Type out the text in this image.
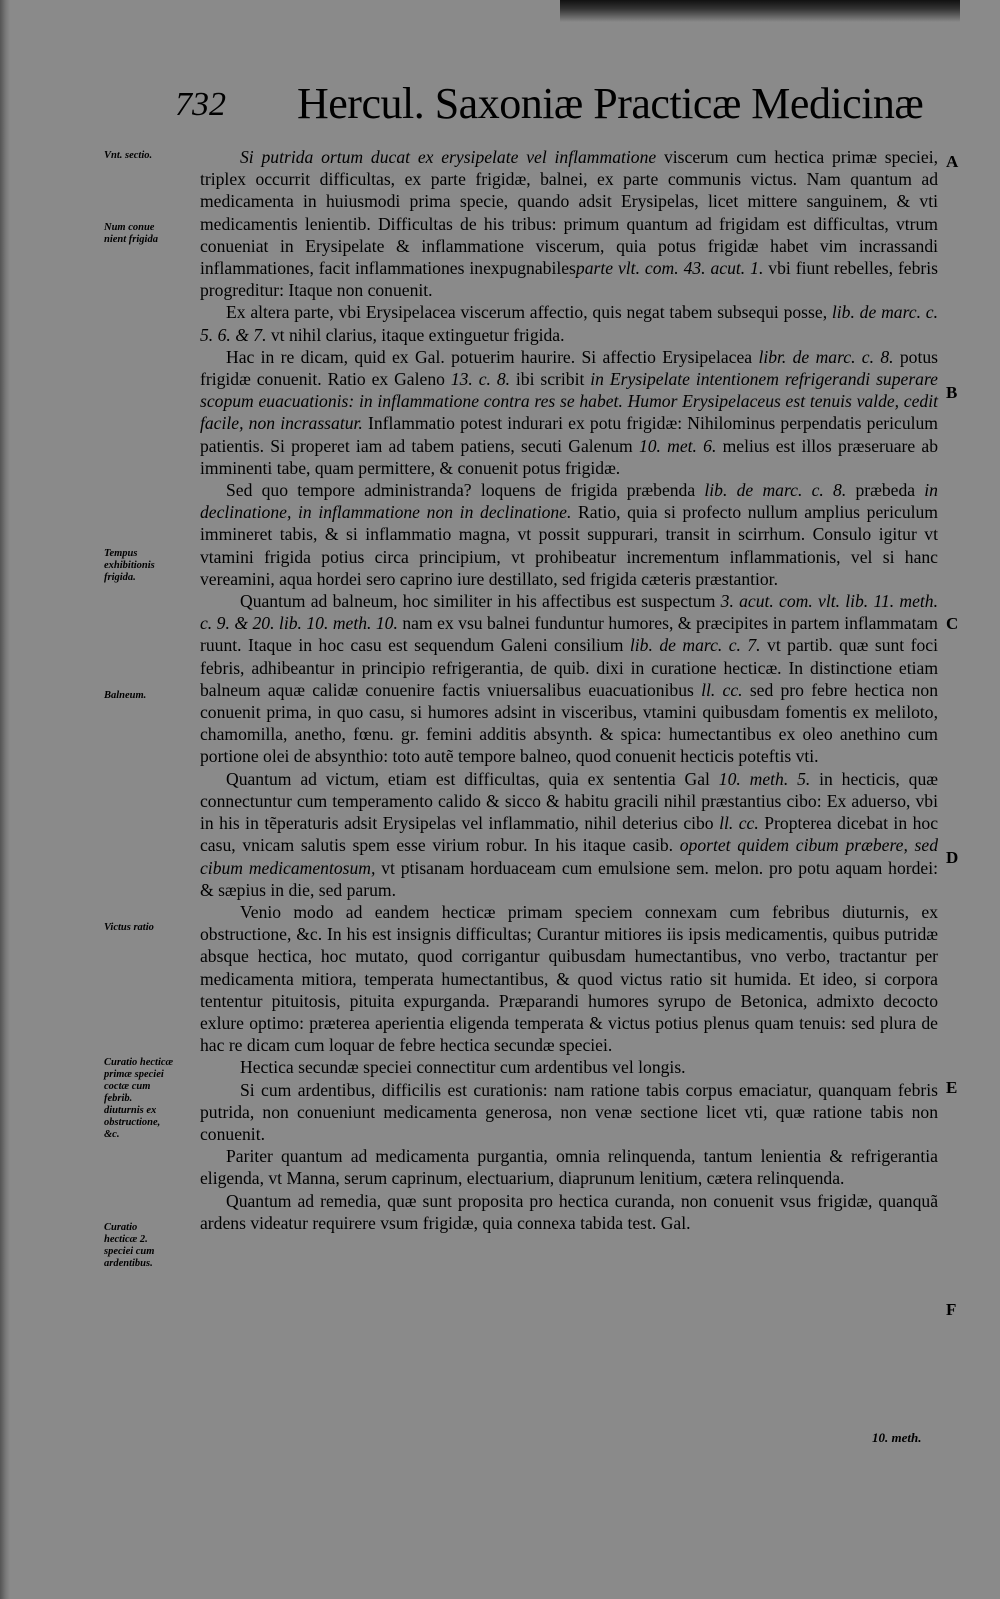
732 Hercul. Saxoniæ Practicæ Medicinæ
Vnt. sectio.
Num conue nient frigida
Tempus exhibitionis frigida.
Balneum.
Victus ratio
Curatio hecticæ primæ speciei coctæ cum febrib. diuturnis ex obstructione, &c.
Curatio hecticæ 2. speciei cum ardentibus.
A
B
C
D
E
F

Si putrida ortum ducat ex erysipelate vel inflammatione viscerum cum hectica primæ speciei, triplex occurrit difficultas, ex parte frigidæ, balnei, ex parte communis victus. Nam quantum ad medicamenta in huiusmodi prima specie, quando adsit Erysipelas, licet mittere sanguinem, & vti medicamentis lenientib. Difficultas de his tribus: primum quantum ad frigidam est difficultas, vtrum conueniat in Erysipelate & inflammatione viscerum, quia potus frigidæ habet vim incrassandi inflammationes, facit inflammationes inexpugnabilesparte vlt. com. 43. acut. 1. vbi fiunt rebelles, febris progreditur: Itaque non conuenit.

Ex altera parte, vbi Erysipelacea viscerum affectio, quis negat tabem subsequi posse, lib. de marc. c. 5. 6. & 7. vt nihil clarius, itaque extinguetur frigida.

Hac in re dicam, quid ex Gal. potuerim haurire. Si affectio Erysipelacea libr. de marc. c. 8. potus frigidæ conuenit. Ratio ex Galeno 13. c. 8. ibi scribit in Erysipelate intentionem refrigerandi superare scopum euacuationis: in inflammatione contra res se habet. Humor Erysipelaceus est tenuis valde, cedit facile, non incrassatur. Inflammatio potest indurari ex potu frigidæ: Nihilominus perpendatis periculum patientis. Si properet iam ad tabem patiens, secuti Galenum 10. met. 6. melius est illos præseruare ab imminenti tabe, quam permittere, & conuenit potus frigidæ.

Sed quo tempore administranda? loquens de frigida præbenda lib. de marc. c. 8. præbeda in declinatione, in inflammatione non in declinatione. Ratio, quia si profecto nullum amplius periculum immineret tabis, & si inflammatio magna, vt possit suppurari, transit in scirrhum. Consulo igitur vt vtamini frigida potius circa principium, vt prohibeatur incrementum inflammationis, vel si hanc vereamini, aqua hordei sero caprino iure destillato, sed frigida cæteris præstantior.

Quantum ad balneum, hoc similiter in his affectibus est suspectum 3. acut. com. vlt. lib. 11. meth. c. 9. & 20. lib. 10. meth. 10. nam ex vsu balnei funduntur humores, & præcipites in partem inflammatam ruunt. Itaque in hoc casu est sequendum Galeni consilium lib. de marc. c. 7. vt partib. quæ sunt foci febris, adhibeantur in principio refrigerantia, de quib. dixi in curatione hecticæ. In distinctione etiam balneum aquæ calidæ conuenire factis vniuersalibus euacuationibus ll. cc. sed pro febre hectica non conuenit prima, in quo casu, si humores adsint in visceribus, vtamini quibusdam fomentis ex meliloto, chamomilla, anetho, fœnu. gr. femini additis absynth. & spica: humectantibus ex oleo anethino cum portione olei de absynthio: toto autẽ tempore balneo, quod conuenit hecticis poteftis vti.

Quantum ad victum, etiam est difficultas, quia ex sententia Gal 10. meth. 5. in hecticis, quæ connectuntur cum temperamento calido & sicco & habitu gracili nihil præstantius cibo: Ex aduerso, vbi in his in tẽperaturis adsit Erysipelas vel inflammatio, nihil deterius cibo ll. cc. Propterea dicebat in hoc casu, vnicam salutis spem esse virium robur. In his itaque casib. oportet quidem cibum præbere, sed cibum medicamentosum, vt ptisanam horduaceam cum emulsione sem. melon. pro potu aquam hordei: & sæpius in die, sed parum.

Venio modo ad eandem hecticæ primam speciem connexam cum febribus diuturnis, ex obstructione, &c. In his est insignis difficultas; Curantur mitiores iis ipsis medicamentis, quibus putridæ absque hectica, hoc mutato, quod corrigantur quibusdam humectantibus, vno verbo, tractantur per medicamenta mitiora, temperata humectantibus, & quod victus ratio sit humida. Et ideo, si corpora tententur pituitosis, pituita expurganda. Præparandi humores syrupo de Betonica, admixto decocto exlure optimo: præterea aperientia eligenda temperata & victus potius plenus quam tenuis: sed plura de hac re dicam cum loquar de febre hectica secundæ speciei.

Hectica secundæ speciei connectitur cum ardentibus vel longis.

Si cum ardentibus, difficilis est curationis: nam ratione tabis corpus emaciatur, quanquam febris putrida, non conueniunt medicamenta generosa, non venæ sectione licet vti, quæ ratione tabis non conuenit.

Pariter quantum ad medicamenta purgantia, omnia relinquenda, tantum lenientia & refrigerantia eligenda, vt Manna, serum caprinum, electuarium, diaprunum lenitium, cætera relinquenda.

Quantum ad remedia, quæ sunt proposita pro hectica curanda, non conuenit vsus frigidæ, quanquã ardens videatur requirere vsum frigidæ, quia connexa tabida test. Gal.

10. meth.
